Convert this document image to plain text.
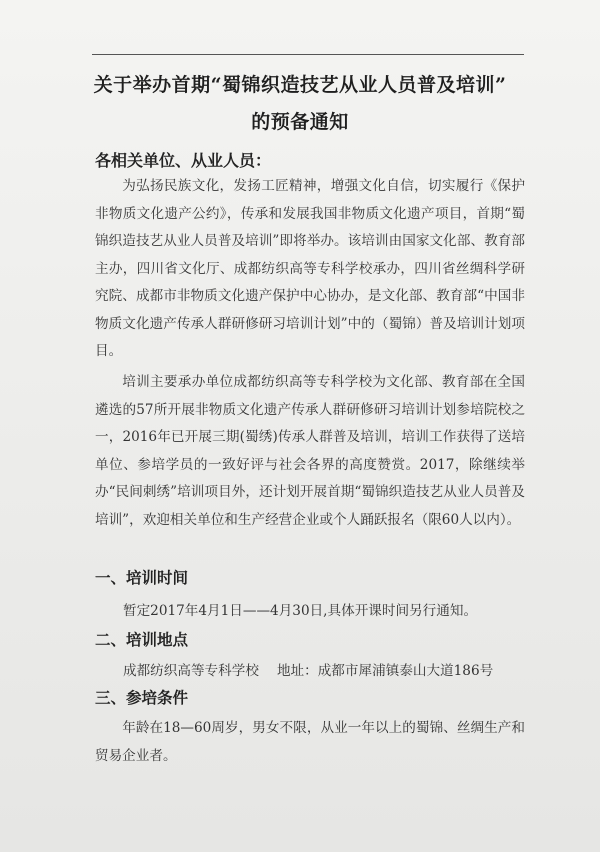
关于举办首期“蜀锦织造技艺从业人员普及培训”
的预备通知
各相关单位、从业人员：
为弘扬民族文化，发扬工匠精神，增强文化自信，切实履行《保护非物质文化遗产公约》，传承和发展我国非物质文化遗产项目，首期“蜀锦织造技艺从业人员普及培训”即将举办。该培训由国家文化部、教育部主办，四川省文化厅、成都纺织高等专科学校承办，四川省丝绸科学研究院、成都市非物质文化遗产保护中心协办，是文化部、教育部“中国非物质文化遗产传承人群研修研习培训计划”中的（蜀锦）普及培训计划项目。
培训主要承办单位成都纺织高等专科学校为文化部、教育部在全国遴选的57所开展非物质文化遗产传承人群研修研习培训计划参培院校之一，2016年已开展三期(蜀绣)传承人群普及培训，培训工作获得了送培单位、参培学员的一致好评与社会各界的高度赞赏。2017，除继续举办“民间刺绣”培训项目外，还计划开展首期“蜀锦织造技艺从业人员普及培训”，欢迎相关单位和生产经营企业或个人踊跃报名（限60人以内）。
一、培训时间
暂定2017年4月1日——4月30日,具体开课时间另行通知。
二、培训地点
成都纺织高等专科学校 地址：成都市犀浦镇泰山大道186号
三、参培条件
年龄在18—60周岁，男女不限，从业一年以上的蜀锦、丝绸生产和贸易企业者。
